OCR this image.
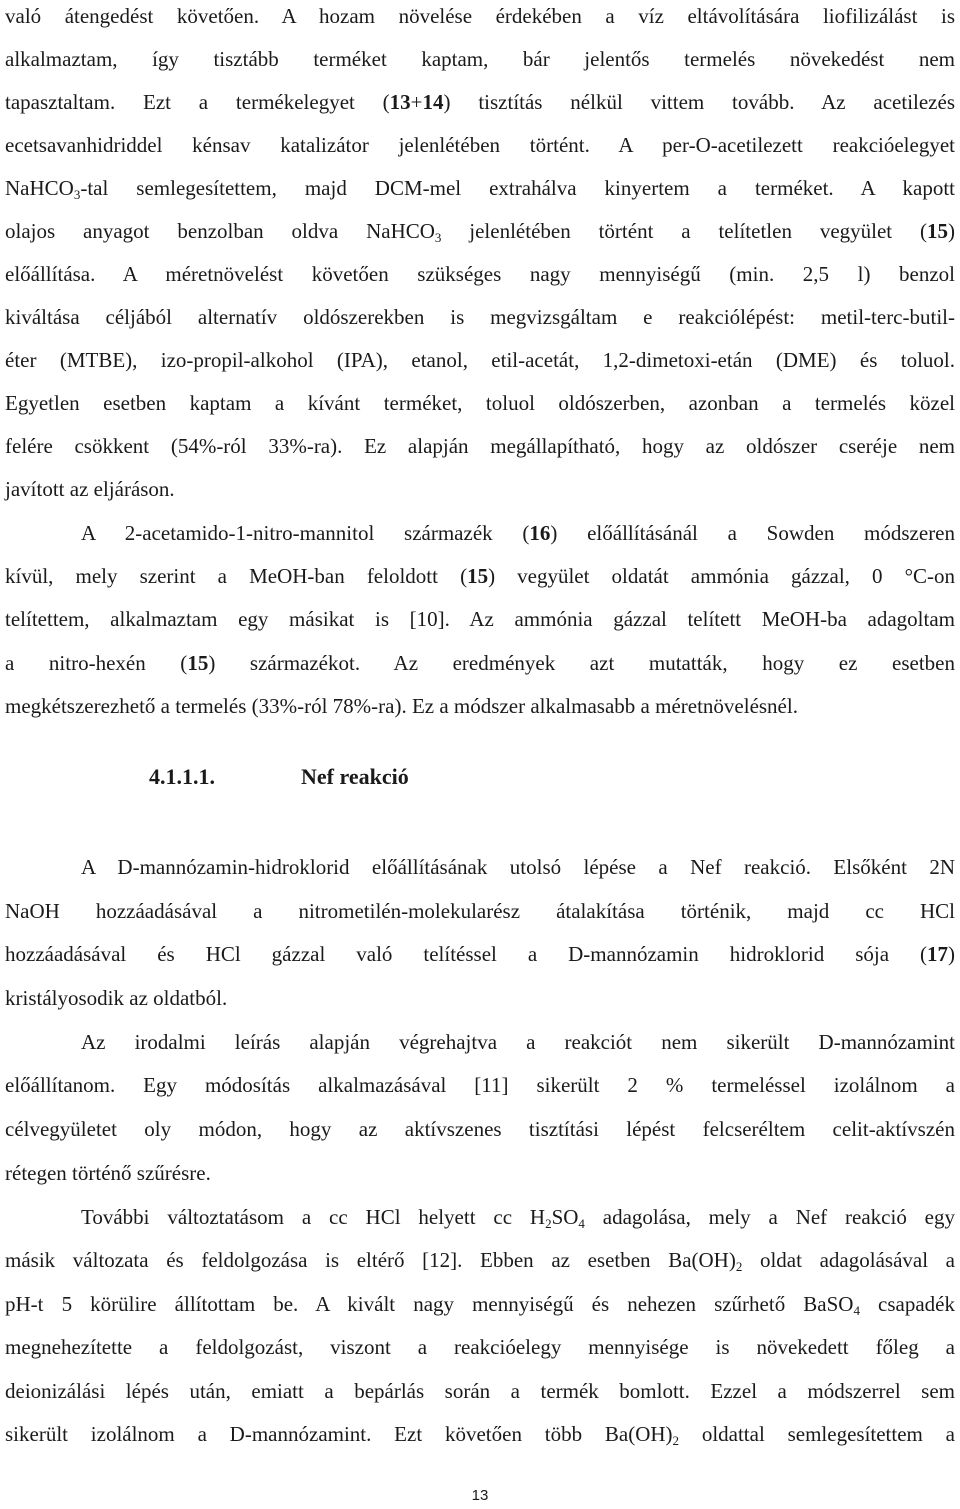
való átengedést követően. A hozam növelése érdekében a víz eltávolítására liofilizálást is
alkalmaztam, így tisztább terméket kaptam, bár jelentős termelés növekedést nem
tapasztaltam. Ezt a termékelegyet (13+14) tisztítás nélkül vittem tovább. Az acetilezés
ecetsavanhidriddel kénsav katalizátor jelenlétében történt. A per-O-acetilezett reakcióelegyet
NaHCO$_3$-tal semlegesítettem, majd DCM-mel extrahálva kinyertem a terméket. A kapott
olajos anyagot benzolban oldva NaHCO$_3$ jelenlétében történt a telítetlen vegyület (15)
előállítása. A méretnövelést követően szükséges nagy mennyiségű (min. 2,5 l) benzol
kiváltása céljából alternatív oldószerekben is megvizsgáltam e reakciólépést: metil-terc-butil-
éter (MTBE), izo-propil-alkohol (IPA), etanol, etil-acetát, 1,2-dimetoxi-etán (DME) és toluol.
Egyetlen esetben kaptam a kívánt terméket, toluol oldószerben, azonban a termelés közel
felére csökkent (54%-ról 33%-ra). Ez alapján megállapítható, hogy az oldószer cseréje nem
javított az eljáráson.
A 2-acetamido-1-nitro-mannitol származék (16) előállításánál a Sowden módszeren
kívül, mely szerint a MeOH-ban feloldott (15) vegyület oldatát ammónia gázzal, 0 °C-on
telítettem, alkalmaztam egy másikat is [10]. Az ammónia gázzal telített MeOH-ba adagoltam
a nitro-hexén (15) származékot. Az eredmények azt mutatták, hogy ez esetben
megkétszerezhető a termelés (33%-ról 78%-ra). Ez a módszer alkalmasabb a méretnövelésnél.
A D-mannózamin-hidroklorid előállításának utolsó lépése a Nef reakció. Elsőként 2N
NaOH hozzáadásával a nitrometilén-molekularész átalakítása történik, majd cc HCl
hozzáadásával és HCl gázzal való telítéssel a D-mannózamin hidroklorid sója (17)
kristályosodik az oldatból.
Az irodalmi leírás alapján végrehajtva a reakciót nem sikerült D-mannózamint
előállítanom. Egy módosítás alkalmazásával [11] sikerült 2 % termeléssel izolálnom a
célvegyületet oly módon, hogy az aktívszenes tisztítási lépést felcseréltem celit-aktívszén
rétegen történő szűrésre.
További változtatásom a cc HCl helyett cc $H_2SO_4$ adagolása, mely a Nef reakció egy
másik változata és feldolgozása is eltérő [12]. Ebben az esetben $Ba(OH)_2$ oldat adagolásával a
pH-t 5 körülire állítottam be. A kivált nagy mennyiségű és nehezen szűrhető BaSO$_4$ csapadék
megnehezítette a feldolgozást, viszont a reakcióelegy mennyisége is növekedett főleg a
deionizálási lépés után, emiatt a bepárlás során a termék bomlott. Ezzel a módszerrel sem
sikerült izolálnom a D-mannózamint. Ezt követően több $Ba(OH)_2$ oldattal semlegesítettem a
4.1.1.1.	Nef reakció
13
